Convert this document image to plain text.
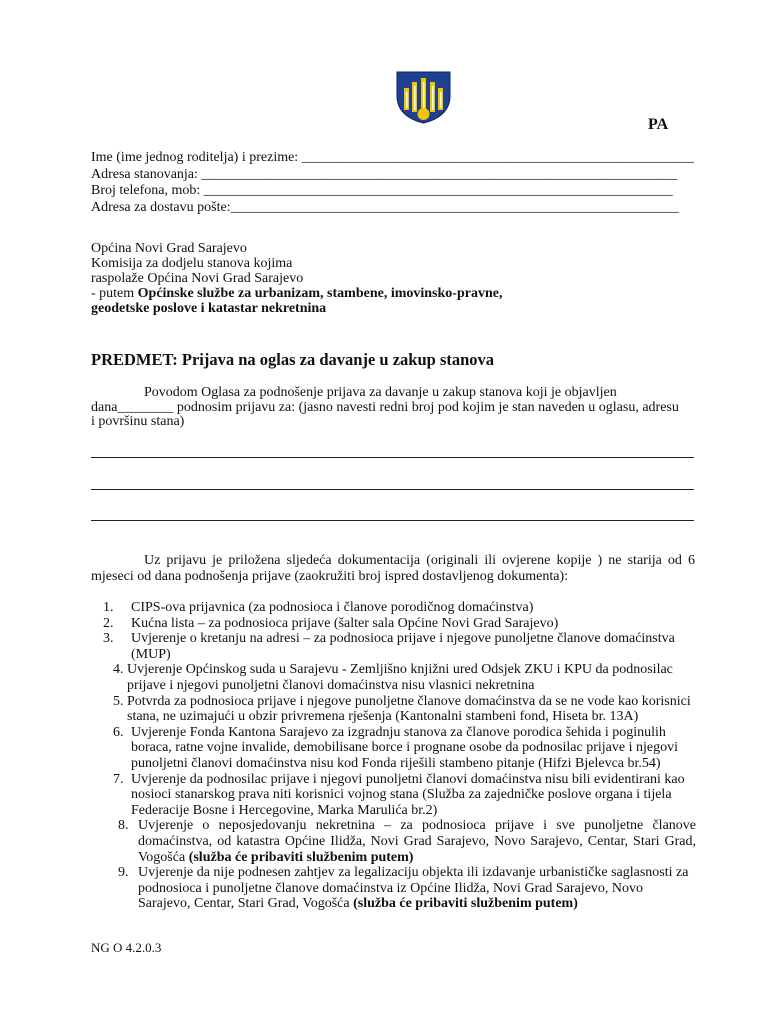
PA
Ime (ime jednog roditelja) i prezime: ________________________________________________________
Adresa stanovanja: ____________________________________________________________________
Broj telefona, mob: ___________________________________________________________________
Adresa za dostavu pošte:________________________________________________________________
Općina Novi Grad Sarajevo
Komisija za dodjelu stanova kojima
raspolaže Općina Novi Grad Sarajevo
- putem Općinske službe za urbanizam, stambene, imovinsko-pravne,
geodetske poslove i katastar nekretnina
PREDMET: Prijava na oglas za davanje u zakup stanova
Povodom Oglasa za podnošenje prijava za davanje u zakup stanova koji je objavljen
dana________ podnosim prijavu za: (jasno navesti redni broj pod kojim je stan naveden u oglasu, adresu
i površinu stana)
Uz prijavu je priložena sljedeća dokumentacija (originali ili ovjerene kopije ) ne starija od 6 mjeseci od dana podnošenja prijave (zaokružiti broj ispred dostavljenog dokumenta):
1. CIPS-ova prijavnica (za podnosioca i članove porodičnog domaćinstva)
2. Kućna lista – za podnosioca prijave (šalter sala Općine Novi Grad Sarajevo)
3. Uvjerenje o kretanju na adresi – za podnosioca prijave i njegove punoljetne članove domaćinstva (MUP)
4. Uvjerenje Općinskog suda u Sarajevu - Zemljišno knjižni ured Odsjek ZKU i KPU da podnosilac prijave i njegovi punoljetni članovi domaćinstva nisu vlasnici nekretnina
5. Potvrda za podnosioca prijave i njegove punoljetne članove domaćinstva da se ne vode kao korisnici stana, ne uzimajući u obzir privremena rješenja (Kantonalni stambeni fond, Hiseta br. 13A)
6. Uvjerenje Fonda Kantona Sarajevo za izgradnju stanova za članove porodica šehida i poginulih boraca, ratne vojne invalide, demobilisane borce i prognane osobe da podnosilac prijave i njegovi punoljetni članovi domaćinstva nisu kod Fonda riješili stambeno pitanje (Hifzi Bjelevca br.54)
7. Uvjerenje da podnosilac prijave i njegovi punoljetni članovi domaćinstva nisu bili evidentirani kao nosioci stanarskog prava niti korisnici vojnog stana (Služba za zajedničke poslove organa i tijela Federacije Bosne i Hercegovine, Marka Marulića br.2)
8. Uvjerenje o neposjedovanju nekretnina – za podnosioca prijave i sve punoljetne članove domaćinstva, od katastra Općine Ilidža, Novi Grad Sarajevo, Novo Sarajevo, Centar, Stari Grad, Vogošća (služba će pribaviti službenim putem)
9. Uvjerenje da nije podnesen zahtjev za legalizaciju objekta ili izdavanje urbanističke saglasnosti za podnosioca i punoljetne članove domaćinstva iz Općine Ilidža, Novi Grad Sarajevo, Novo Sarajevo, Centar, Stari Grad, Vogošća (služba će pribaviti službenim putem)
NG O 4.2.0.3
